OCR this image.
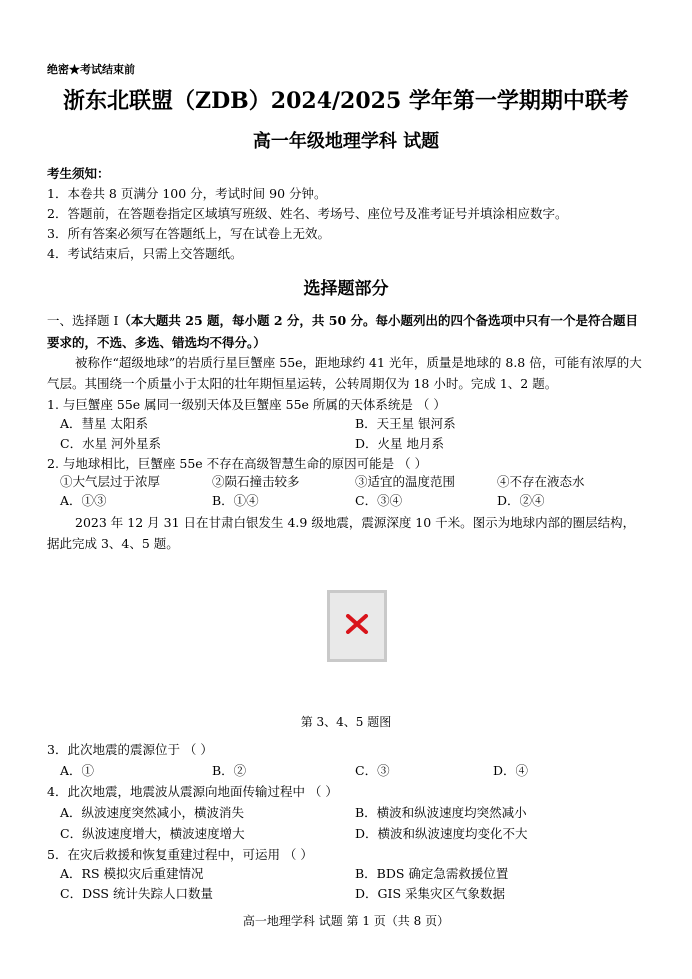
绝密★考试结束前
浙东北联盟（ZDB）2024/2025 学年第一学期期中联考
高一年级地理学科 试题
考生须知：
1．本卷共 8 页满分 100 分，考试时间 90 分钟。
2．答题前，在答题卷指定区域填写班级、姓名、考场号、座位号及准考证号并填涂相应数字。
3．所有答案必须写在答题纸上，写在试卷上无效。
4．考试结束后，只需上交答题纸。
选择题部分
一、选择题 I（本大题共 25 题，每小题 2 分，共 50 分。每小题列出的四个备选项中只有一个是符合题目要求的，不选、多选、错选均不得分。）
被称作“超级地球”的岩质行星巨蟹座 55e，距地球约 41 光年，质量是地球的 8.8 倍，可能有浓厚的大气层。其围绕一个质量小于太阳的壮年期恒星运转，公转周期仅为 18 小时。完成 1、2 题。
1. 与巨蟹座 55e 属同一级别天体及巨蟹座 55e 所属的天体系统是 （ ）
A．彗星 太阳系	B．天王星 银河系
C．水星 河外星系	D．火星 地月系
2. 与地球相比，巨蟹座 55e 不存在高级智慧生命的原因可能是 （ ）
①大气层过于浓厚	②陨石撞击较多	③适宜的温度范围	④不存在液态水
A．①③	B．①④	C．③④	D．②④
2023 年 12 月 31 日在甘肃白银发生 4.9 级地震，震源深度 10 千米。图示为地球内部的圈层结构，据此完成 3、4、5 题。
第 3、4、5 题图
3．此次地震的震源位于 （ ）
A．①	B．②	C．③	D．④
4．此次地震，地震波从震源向地面传输过程中 （ ）
A．纵波速度突然减小，横波消失	B．横波和纵波速度均突然减小
C．纵波速度增大，横波速度增大	D．横波和纵波速度均变化不大
5．在灾后救援和恢复重建过程中，可运用 （ ）
A．RS 模拟灾后重建情况	B．BDS 确定急需救援位置
C．DSS 统计失踪人口数量	D．GIS 采集灾区气象数据
高一地理学科 试题 第 1 页（共 8 页）
